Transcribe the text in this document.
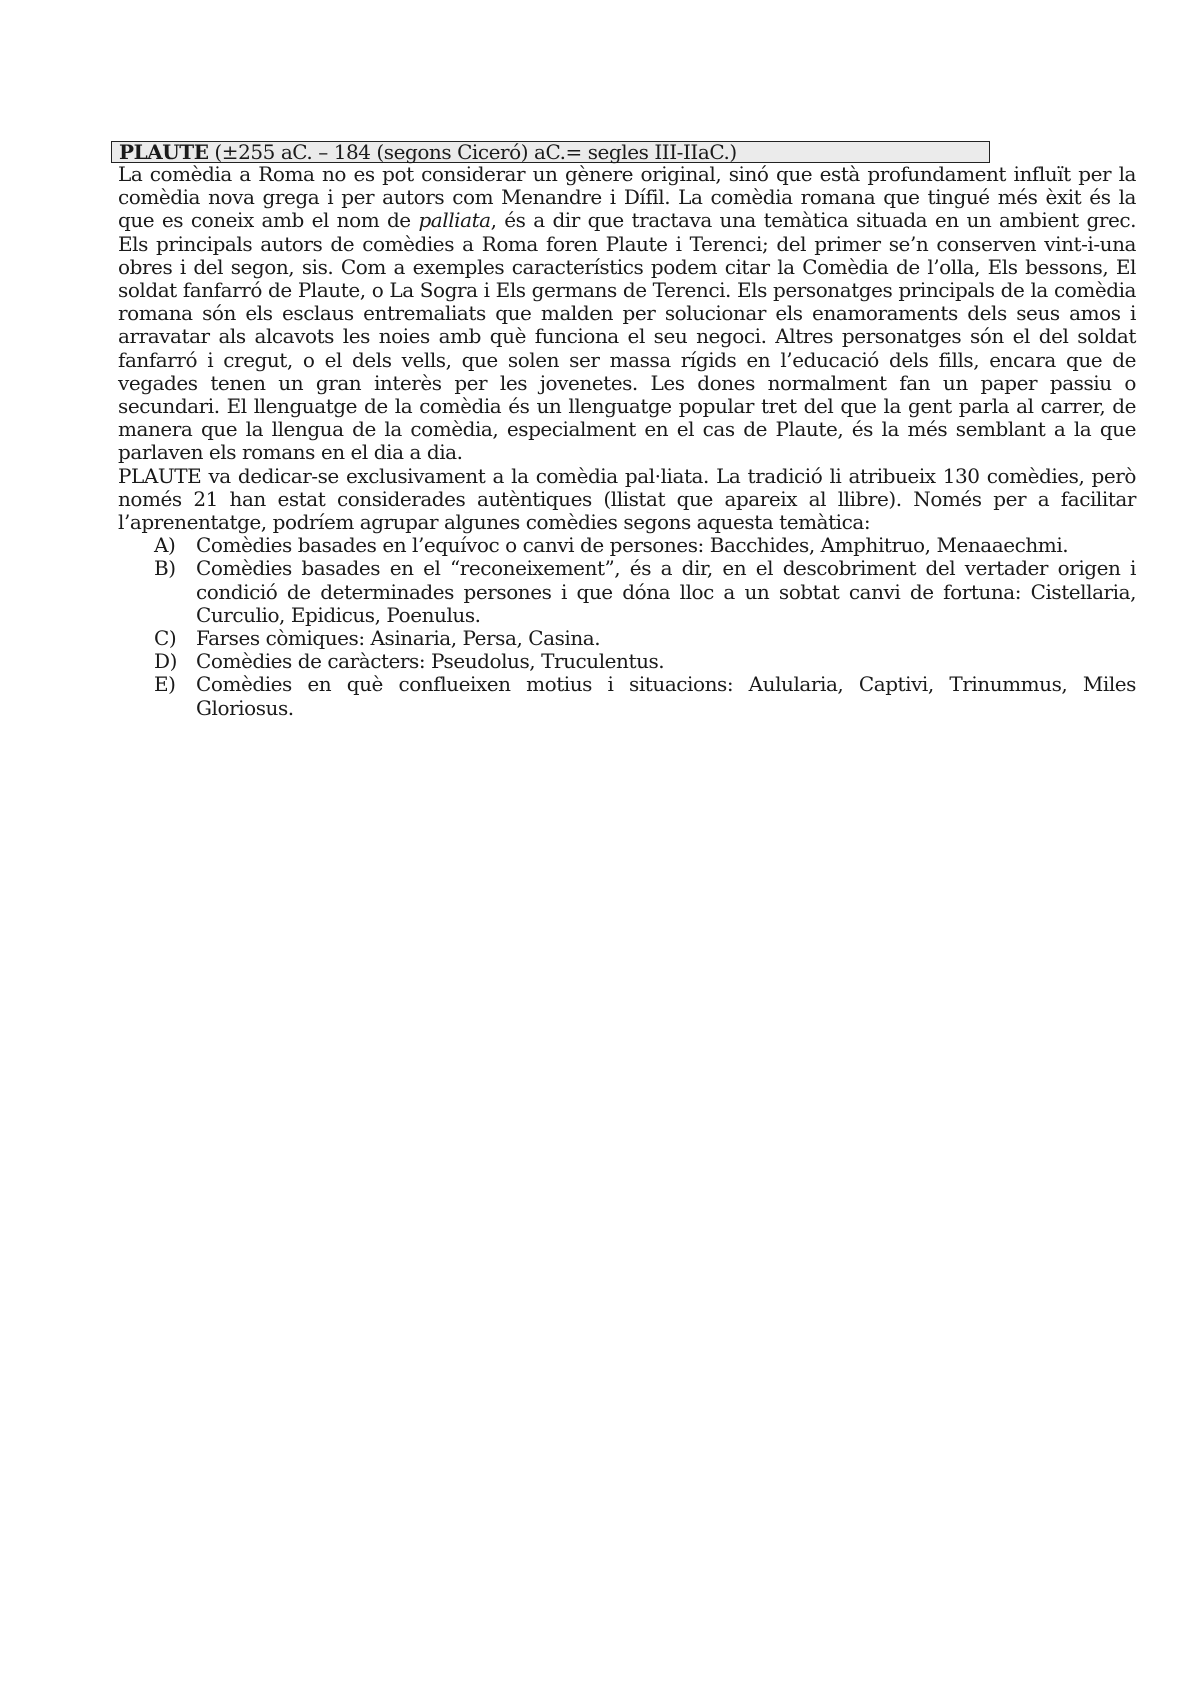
PLAUTE (±255 aC. – 184 (segons Ciceró) aC.= segles III-IIaC.)

La comèdia a Roma no es pot considerar un gènere original, sinó que està profundament influït per la comèdia nova grega i per autors com Menandre i Dífil. La comèdia romana que tingué més èxit és la que es coneix amb el nom de palliata, és a dir que tractava una temàtica situada en un ambient grec. Els principals autors de comèdies a Roma foren Plaute i Terenci; del primer se’n conserven vint-i-una obres i del segon, sis. Com a exemples característics podem citar la Comèdia de l’olla, Els bessons, El soldat fanfarró de Plaute, o La Sogra i Els germans de Terenci. Els personatges principals de la comèdia romana són els esclaus entremaliats que malden per solucionar els enamoraments dels seus amos i arravatar als alcavots les noies amb què funciona el seu negoci. Altres personatges són el del soldat fanfarró i cregut, o el dels vells, que solen ser massa rígids en l’educació dels fills, encara que de vegades tenen un gran interès per les jovenetes. Les dones normalment fan un paper passiu o secundari. El llenguatge de la comèdia és un llenguatge popular tret del que la gent parla al carrer, de manera que la llengua de la comèdia, especialment en el cas de Plaute, és la més semblant a la que parlaven els romans en el dia a dia.

PLAUTE va dedicar-se exclusivament a la comèdia pal·liata. La tradició li atribueix 130 comèdies, però només 21 han estat considerades autèntiques (llistat que apareix al llibre). Només per a facilitar l’aprenentatge, podríem agrupar algunes comèdies segons aquesta temàtica:

A)	Comèdies basades en l’equívoc o canvi de persones: Bacchides, Amphitruo, Menaaechmi.
B)	Comèdies basades en el “reconeixement”, és a dir, en el descobriment del vertader origen i condició de determinades persones i que dóna lloc a un sobtat canvi de fortuna: Cistellaria, Curculio, Epidicus, Poenulus.
C) Farses còmiques: Asinaria, Persa, Casina.
D) Comèdies de caràcters: Pseudolus, Truculentus.
E)	Comèdies en què conflueixen motius i situacions: Aulularia, Captivi, Trinummus, Miles Gloriosus.
